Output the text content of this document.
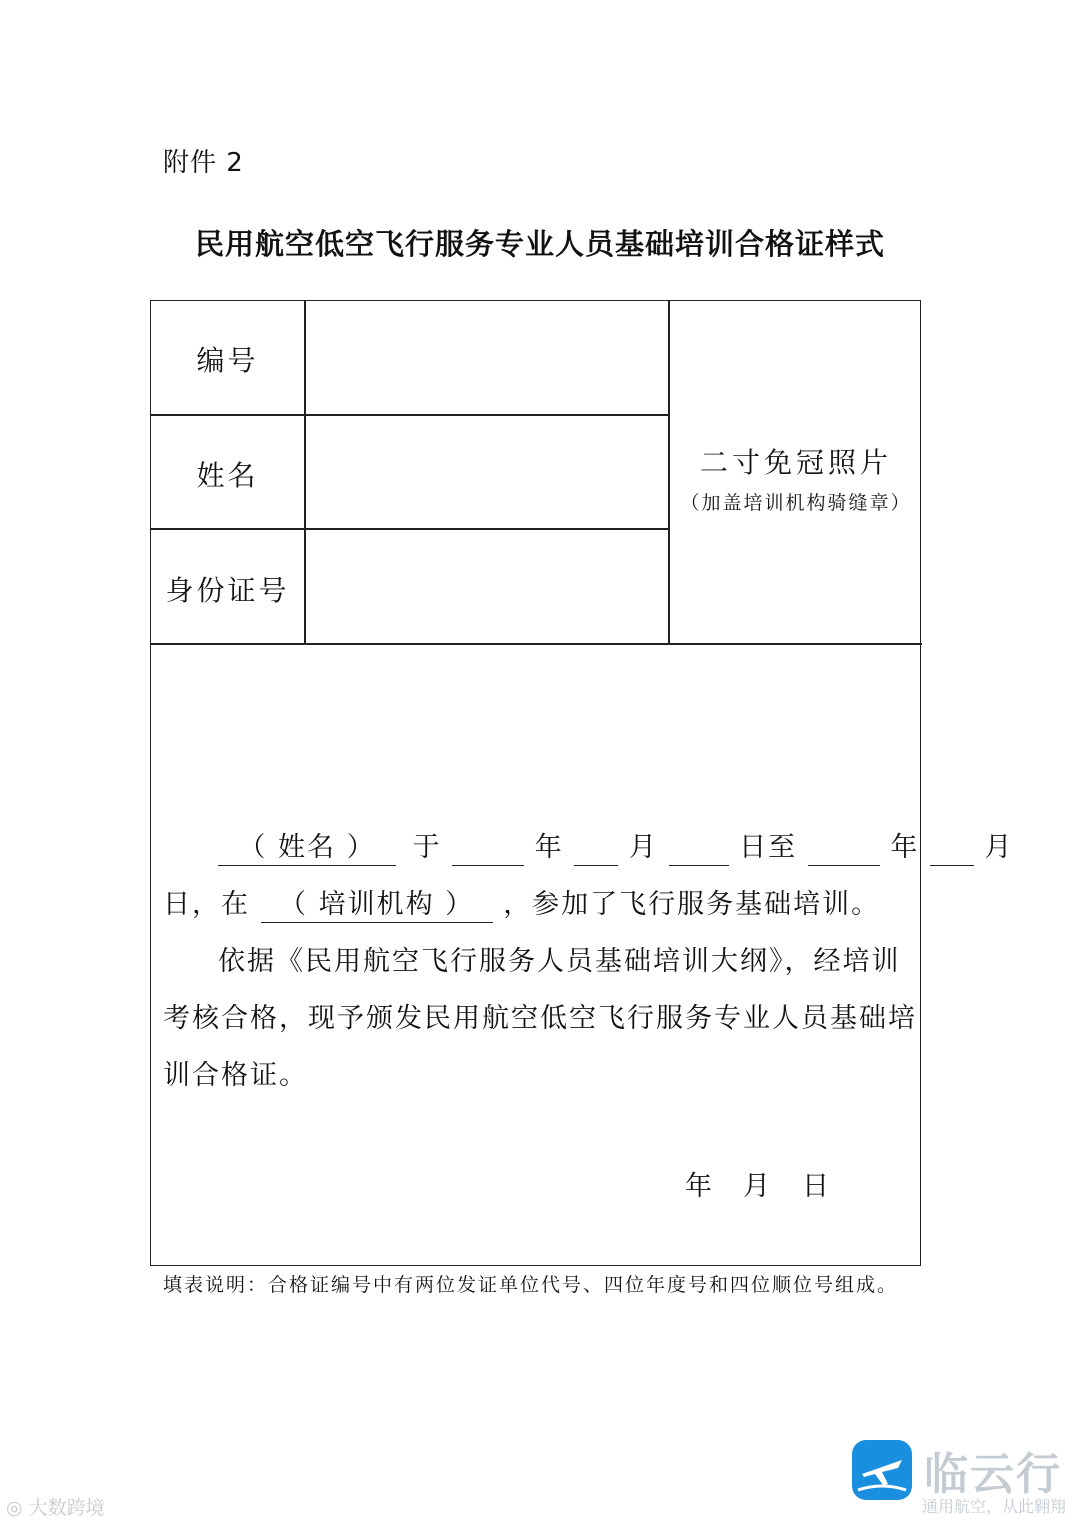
附件 2
民用航空低空飞行服务专业人员基础培训合格证样式
编号
姓名
身份证号
二寸免冠照片
（加盖培训机构骑缝章）
（ 姓名 ） 于	年 月	日至	年 月
日，在 （ 培训机构 ） ，参加了飞行服务基础培训。
依据《民用航空飞行服务人员基础培训大纲》，经培训
考核合格，现予颁发民用航空低空飞行服务专业人员基础培
训合格证。
年 月 日
填表说明：合格证编号中有两位发证单位代号、四位年度号和四位顺位号组成。
◎ 大数跨境
临云行
通用航空，从此翱翔
